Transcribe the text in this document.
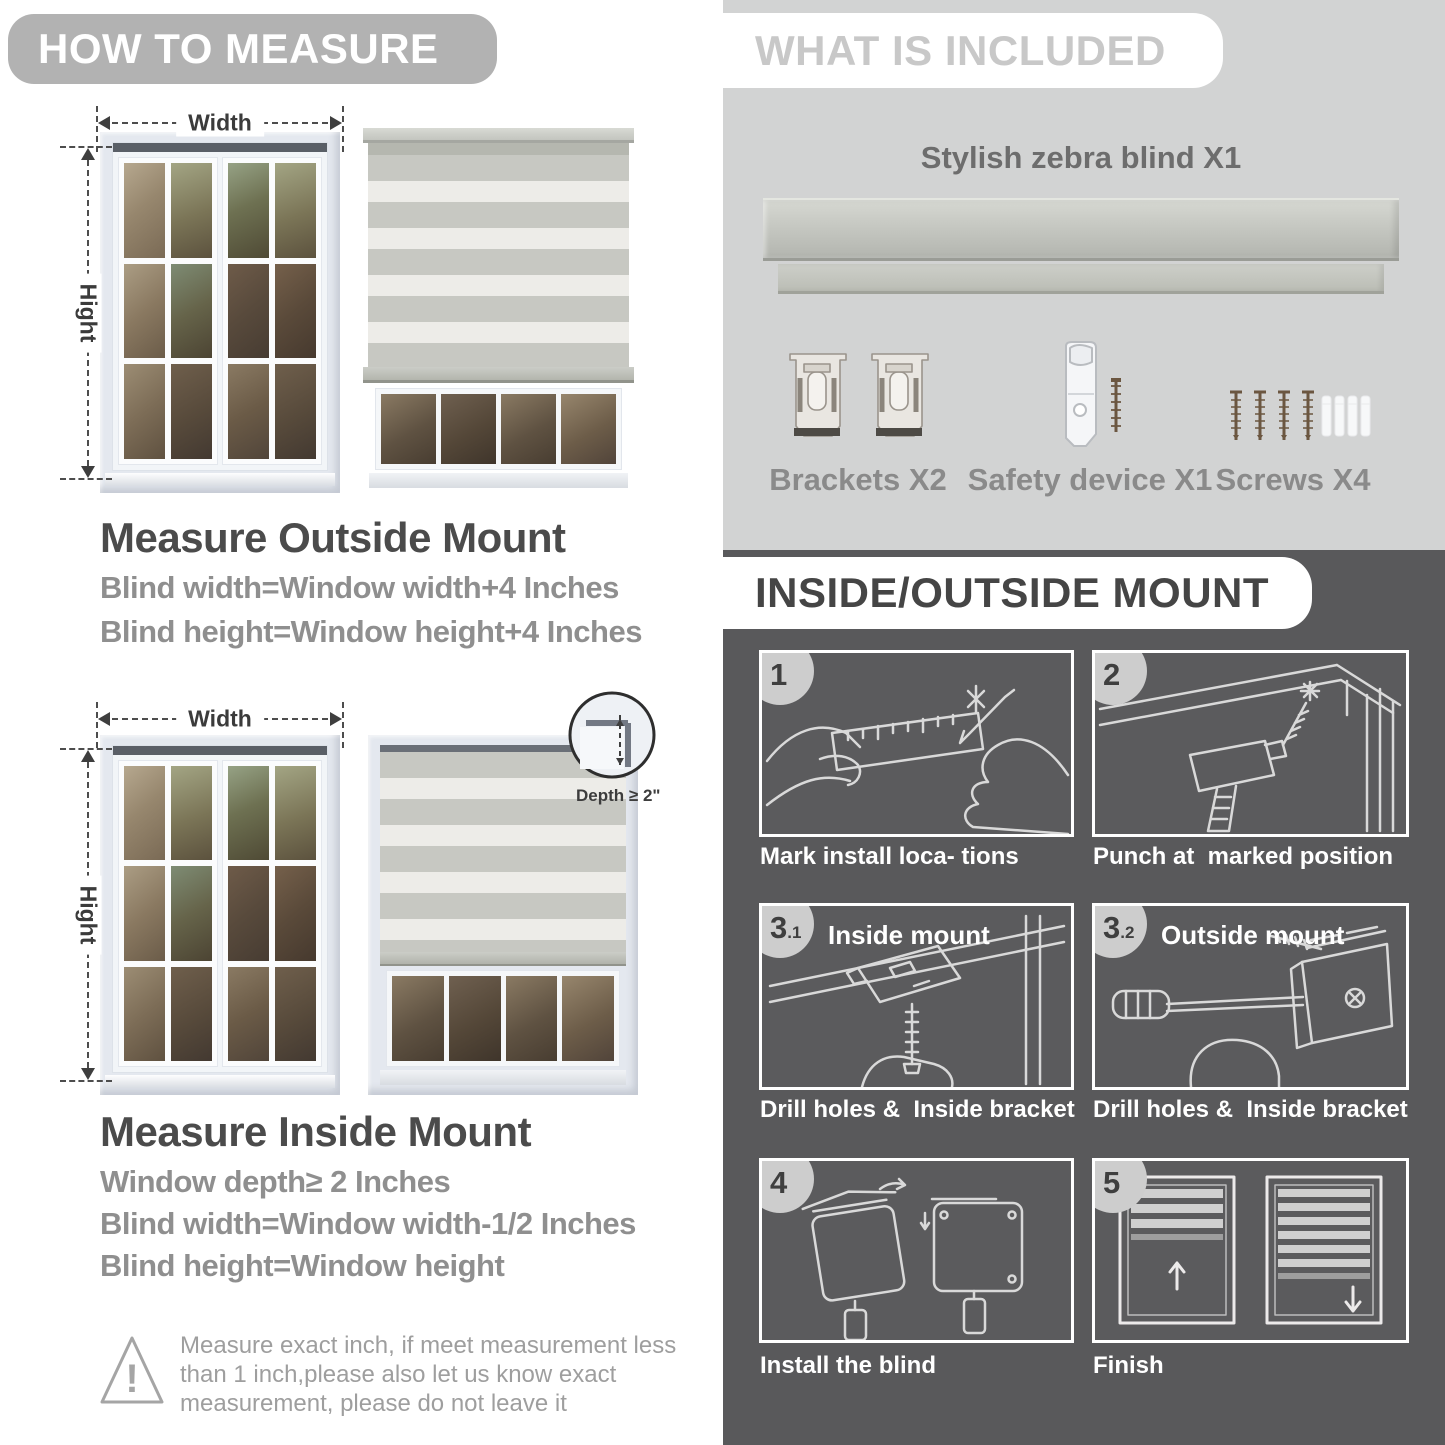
HOW TO MEASURE
Width
Hight
Measure Outside Mount
Blind width=Window width+4 Inches
Blind height=Window height+4 Inches
Width
Hight
Depth ≥ 2"
Measure Inside Mount
Window depth≥ 2 Inches
Blind width=Window width-1/2 Inches
Blind height=Window height
!
Measure exact inch, if meet measurement less
than 1 inch,please also let us know exact
measurement, please do not leave it
WHAT IS INCLUDED
Stylish zebra blind X1
Brackets X2 Safety device X1 Screws X4
INSIDE/OUTSIDE MOUNT
1
Mark install loca- tions
2
Punch at  marked position
3.1 Inside mount
Drill holes &  Inside bracket
3.2 Outside mount
Drill holes &  Inside bracket
4
Install the blind
5
Finish
